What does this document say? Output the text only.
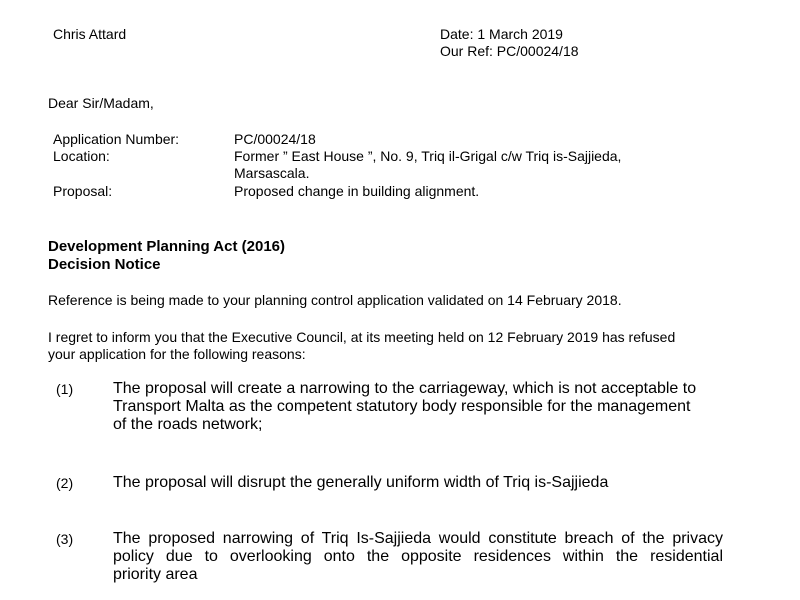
Chris Attard	Date: 1 March 2019
Our Ref: PC/00024/18
Dear Sir/Madam,
Application Number:	PC/00024/18
Location:	Former ” East House ”, No. 9, Triq il-Grigal c/w Triq is-Sajjieda,
Marsascala.
Proposal:	Proposed change in building alignment.
Development Planning Act (2016)
Decision Notice
Reference is being made to your planning control application validated on 14 February 2018.
I regret to inform you that the Executive Council, at its meeting held on 12 February 2019 has refused
your application for the following reasons:
(1) The proposal will create a narrowing to the carriageway, which is not acceptable to
Transport Malta as the competent statutory body responsible for the management
of the roads network;
(2) The proposal will disrupt the generally uniform width of Triq is-Sajjieda
(3) The proposed narrowing of Triq Is-Sajjieda would constitute breach of the privacy
policy due to overlooking onto the opposite residences within the residential
priority area
